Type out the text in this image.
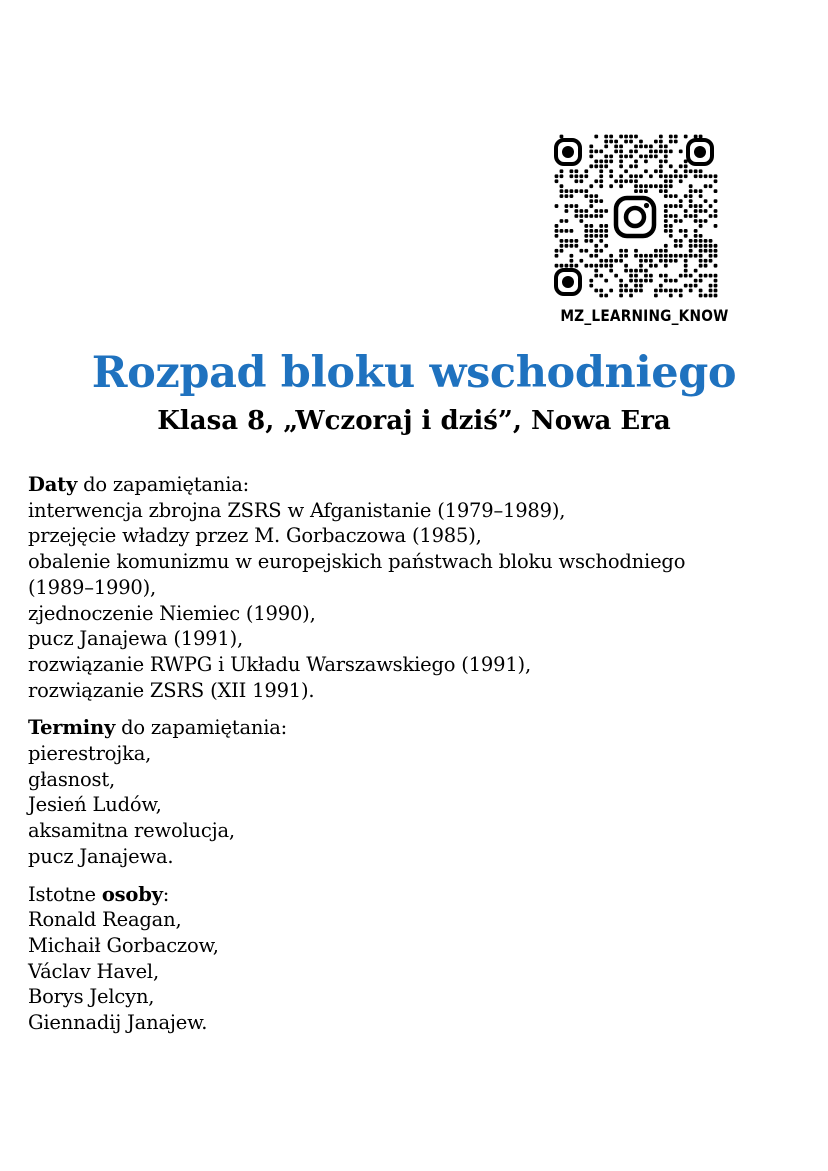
MZ_LEARNING_KNOW
Rozpad bloku wschodniego
Klasa 8, „Wczoraj i dziś”, Nowa Era
Daty do zapamiętania:
interwencja zbrojna ZSRS w Afganistanie (1979–1989),
przejęcie władzy przez M. Gorbaczowa (1985),
obalenie komunizmu w europejskich państwach bloku wschodniego
(1989–1990),
zjednoczenie Niemiec (1990),
pucz Janajewa (1991),
rozwiązanie RWPG i Układu Warszawskiego (1991),
rozwiązanie ZSRS (XII 1991).
Terminy do zapamiętania:
pierestrojka,
głasnost,
Jesień Ludów,
aksamitna rewolucja,
pucz Janajewa.
Istotne osoby:
Ronald Reagan,
Michaił Gorbaczow,
Václav Havel,
Borys Jelcyn,
Giennadij Janajew.
